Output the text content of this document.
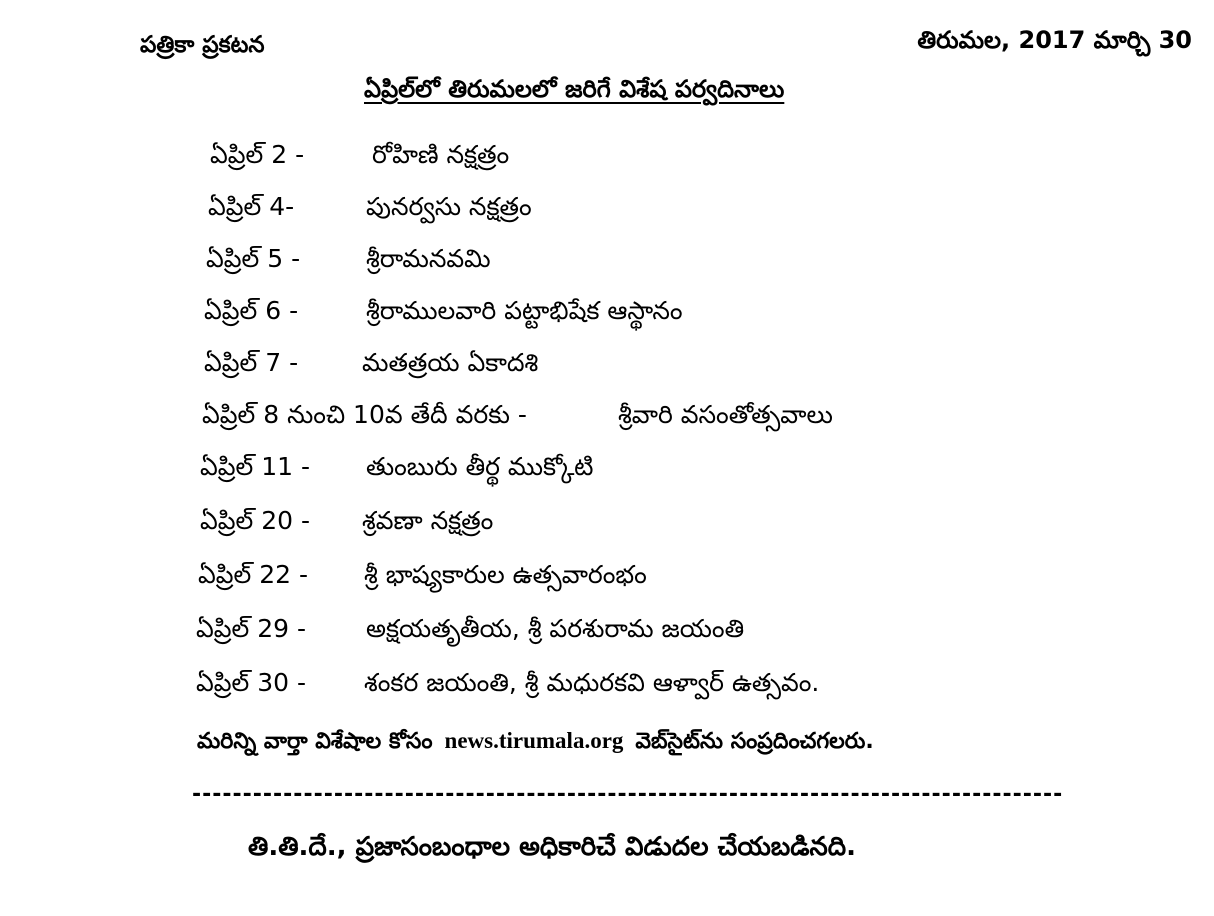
పత్రికా ప్రకటన	తిరుమల, 2017 మార్చి 30
ఏప్రిల్‌లో తిరుమలలో జరిగే విశేష పర్వదినాలు
ఏప్రిల్ 2 -	రోహిణి నక్షత్రం
ఏప్రిల్ 4-	పునర్వసు నక్షత్రం
ఏప్రిల్ 5 -	శ్రీరామనవమి
ఏప్రిల్ 6 -	శ్రీరాములవారి పట్టాభిషేక ఆస్థానం
ఏప్రిల్ 7 -	మతత్రయ ఏకాదశి
ఏప్రిల్ 8 నుంచి 10వ తేదీ వరకు -	శ్రీవారి వసంతోత్సవాలు
ఏప్రిల్ 11 - తుంబురు తీర్థ ముక్కోటి
ఏప్రిల్ 20 - శ్రవణా నక్షత్రం
ఏప్రిల్ 22 - శ్రీ భాష్యకారుల ఉత్సవారంభం
ఏప్రిల్ 29 - అక్షయతృతీయ, శ్రీ పరశురామ జయంతి
ఏప్రిల్ 30 - శంకర జయంతి, శ్రీ మధురకవి ఆళ్వార్ ఉత్సవం.
మరిన్ని వార్తా విశేషాల కోసం news.tirumala.org వెబ్‌సైట్‌ను సంప్రదించగలరు.
--------------------------------------------------------------------------------------
తి.తి.దే., ప్రజాసంబంధాల అధికారిచే విడుదల చేయబడినది.
